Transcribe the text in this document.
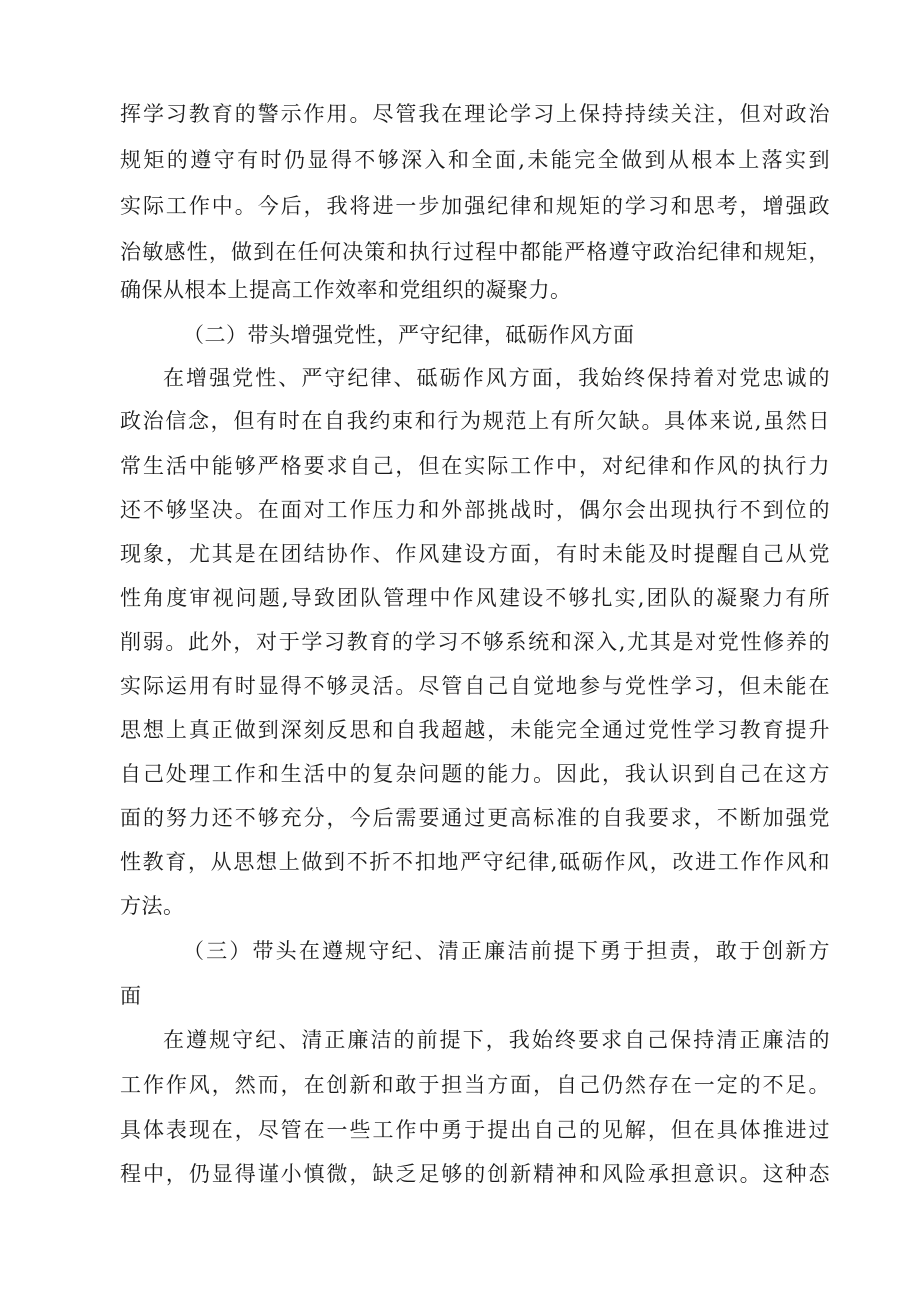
挥学习教育的警示作用。尽管我在理论学习上保持持续关注，但对政治
规矩的遵守有时仍显得不够深入和全面,未能完全做到从根本上落实到
实际工作中。今后，我将进一步加强纪律和规矩的学习和思考，增强政
治敏感性，做到在任何决策和执行过程中都能严格遵守政治纪律和规矩，
确保从根本上提高工作效率和党组织的凝聚力。
（二）带头增强党性，严守纪律，砥砺作风方面
在增强党性、严守纪律、砥砺作风方面，我始终保持着对党忠诚的
政治信念，但有时在自我约束和行为规范上有所欠缺。具体来说,虽然日
常生活中能够严格要求自己，但在实际工作中，对纪律和作风的执行力
还不够坚决。在面对工作压力和外部挑战时，偶尔会出现执行不到位的
现象，尤其是在团结协作、作风建设方面，有时未能及时提醒自己从党
性角度审视问题,导致团队管理中作风建设不够扎实,团队的凝聚力有所
削弱。此外，对于学习教育的学习不够系统和深入,尤其是对党性修养的
实际运用有时显得不够灵活。尽管自己自觉地参与党性学习，但未能在
思想上真正做到深刻反思和自我超越，未能完全通过党性学习教育提升
自己处理工作和生活中的复杂问题的能力。因此，我认识到自己在这方
面的努力还不够充分，今后需要通过更高标准的自我要求，不断加强党
性教育，从思想上做到不折不扣地严守纪律,砥砺作风，改进工作作风和
方法。
（三）带头在遵规守纪、清正廉洁前提下勇于担责，敢于创新方
面
在遵规守纪、清正廉洁的前提下，我始终要求自己保持清正廉洁的
工作作风，然而，在创新和敢于担当方面，自己仍然存在一定的不足。
具体表现在，尽管在一些工作中勇于提出自己的见解，但在具体推进过
程中，仍显得谨小慎微，缺乏足够的创新精神和风险承担意识。这种态
